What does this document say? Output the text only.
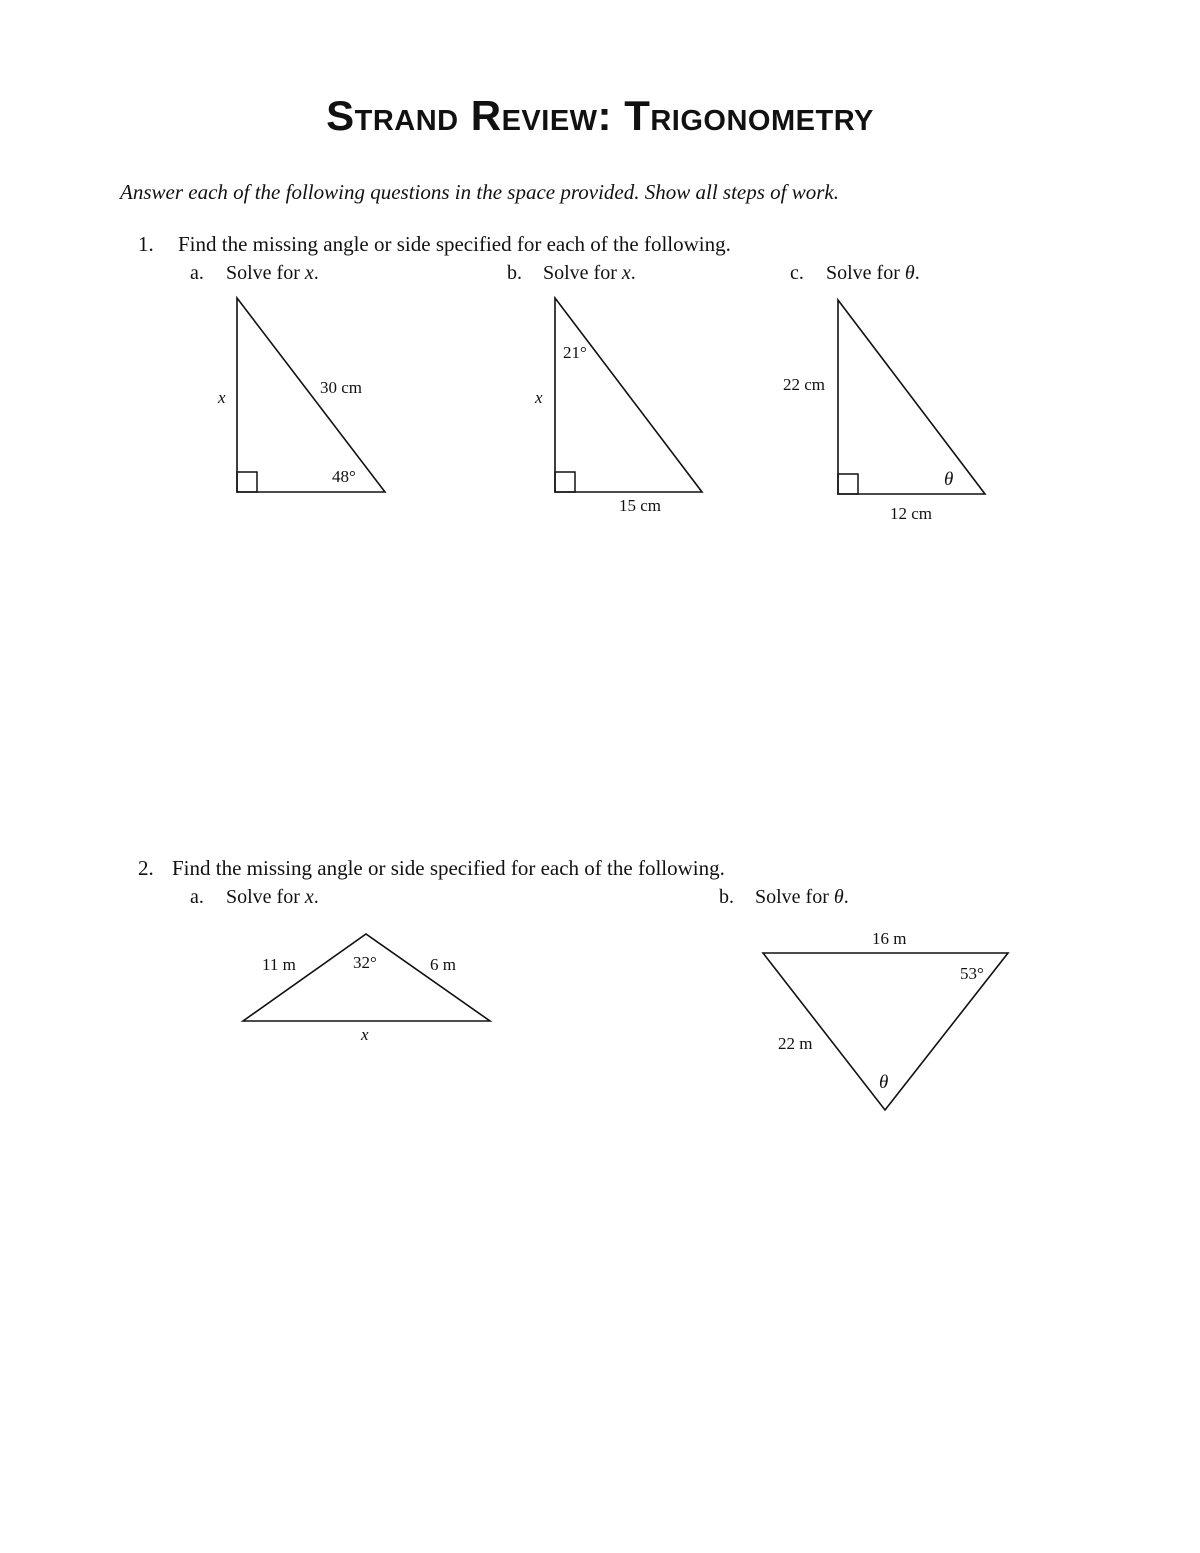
Strand Review: Trigonometry
Answer each of the following questions in the space provided. Show all steps of work.
1. Find the missing angle or side specified for each of the following.
a. Solve for x.	b. Solve for x.	c. Solve for θ.
2. Find the missing angle or side specified for each of the following.
a. Solve for x.	b. Solve for θ.
x
30 cm
48°
21°
x
15 cm
22 cm
θ
12 cm
11 m	32°	6 m
x
16 m
53°
22 m
θ
